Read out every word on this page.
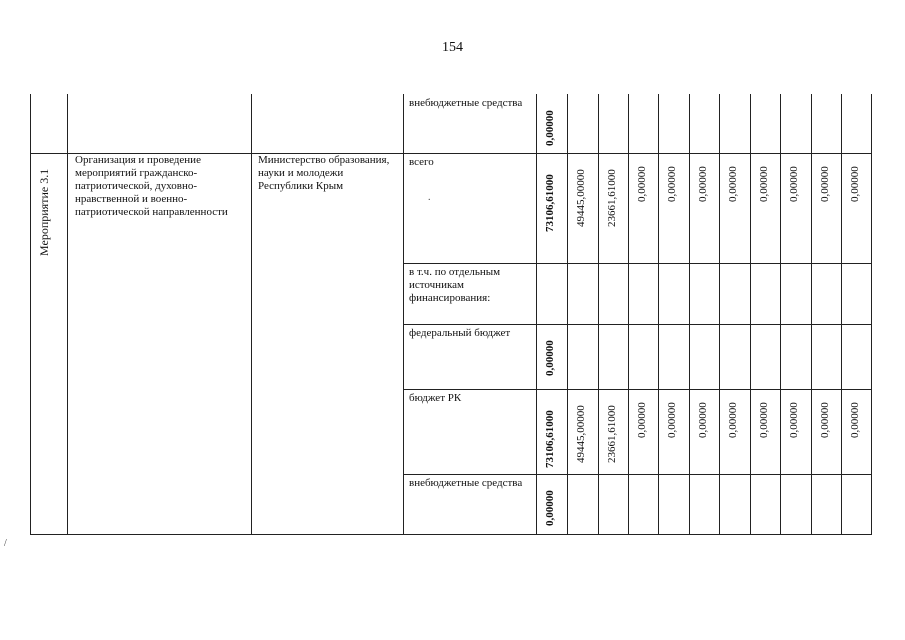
154
Мероприятие 3.1
Организация и проведение мероприятий гражданско-патриотической, духовно-нравственной и военно-патриотической направленности
Министерство образования, науки и молодежи Республики Крым
.
/
внебюджетные средства
0,00000
всего
73106,61000 49445,00000 23661,61000 0,00000 0,00000 0,00000 0,00000 0,00000 0,00000 0,00000 0,00000
в т.ч. по отдельным источникам финансирования:
федеральный бюджет
0,00000
бюджет РК
73106,61000 49445,00000 23661,61000 0,00000 0,00000 0,00000 0,00000 0,00000 0,00000 0,00000 0,00000
внебюджетные средства
0,00000
